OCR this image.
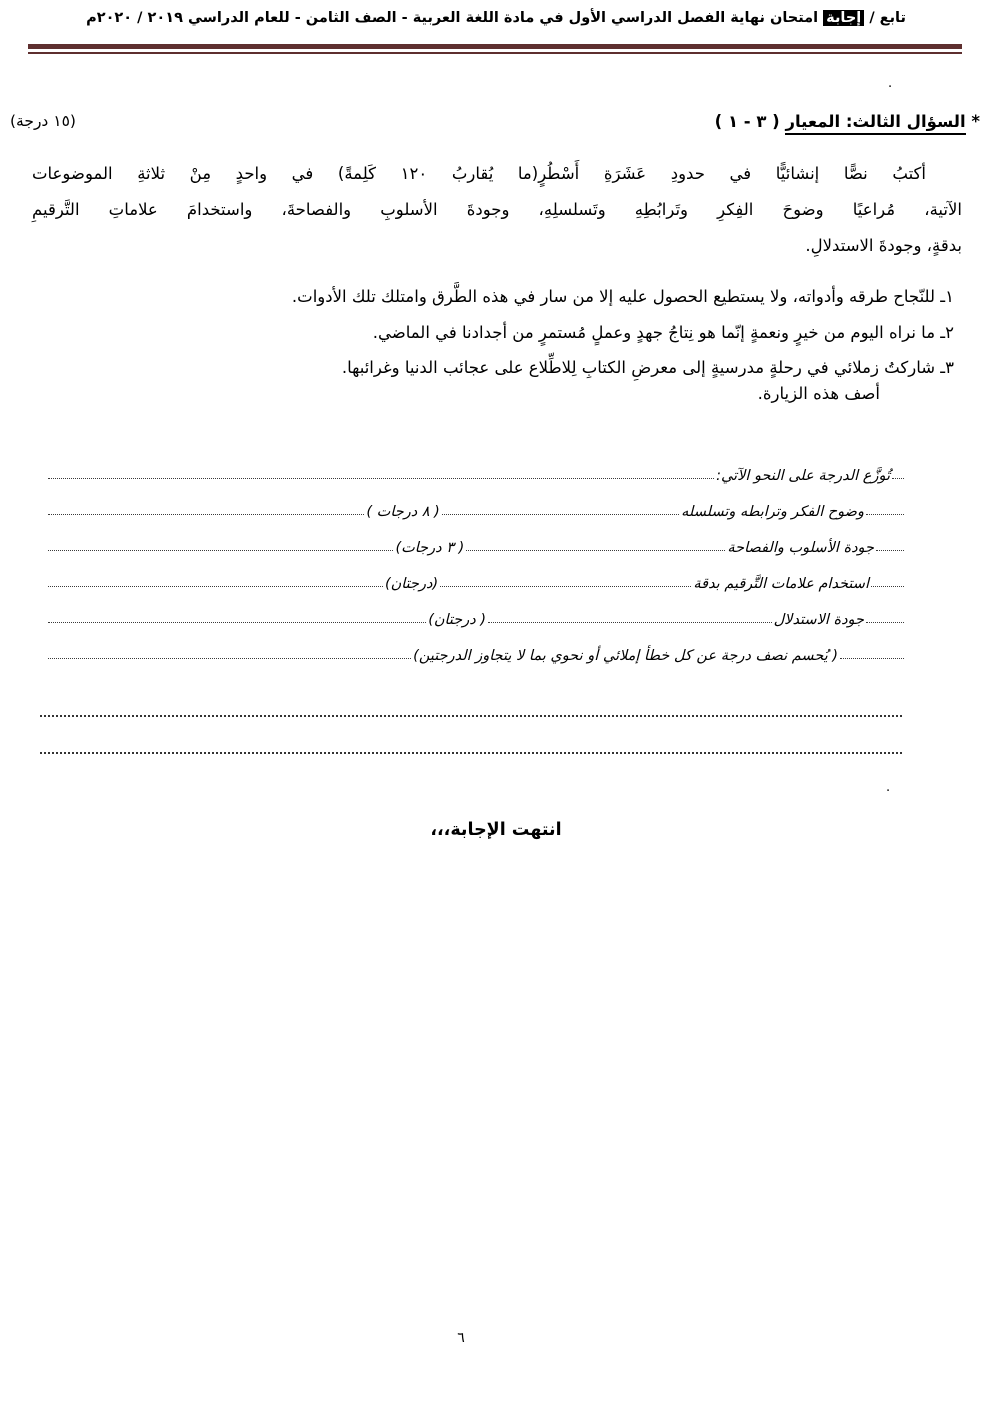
تابع / إجابة امتحان نهاية الفصل الدراسي الأول في مادة اللغة العربية - الصف الثامن - للعام الدراسي ٢٠١٩ / ٢٠٢٠م
.
* السؤال الثالث: المعيار ( ٣ - ١ )
(١٥ درجة)
أكتبُ نصًّا إنشائيًّا في حدودِ عَشَرَةِ أَسْطُرٍ(ما يُقاربُ ١٢٠ كَلِمةً) في واحدٍ مِنْ ثلاثةِ الموضوعات
الآتية، مُراعيًا وضوحَ الفِكرِ وتَرابُطِهِ وتَسلسلِهِ، وجودةَ الأسلوبِ والفصاحةَ، واستخدامَ علاماتِ التَّرقيمِ
بدقةٍ، وجودةَ الاستدلالِ.
١ـ للنّجاح طرقه وأدواته، ولا يستطيع الحصول عليه إلا من سار في هذه الطَّرق وامتلك تلك الأدوات.
٢ـ ما نراه اليوم من خيرٍ ونعمةٍ إنّما هو نِتاجُ جهدٍ وعملٍ مُستمرٍ من أجدادنا في الماضي.
٣ـ شاركتُ زملائي في رحلةٍ مدرسيةٍ إلى معرضِ الكتابِ لِلاطِّلاع على عجائب الدنيا وغرائبها.
أصف هذه الزيارة.
تُوزَّع الدرجة على النحو الآتي:
وضوح الفكر وترابطه وتسلسله
( ٨ درجات )
جودة الأسلوب والفصاحة
( ٣ درجات)
استخدام علامات التَّرقيم بدقة
(درجتان)
جودة الاستدلال
( درجتان)
( يُحسم نصف درجة عن كل خطأ إملائي أو نحوي بما لا يتجاوز الدرجتين)
.
انتهت الإجابة،،،
٦
